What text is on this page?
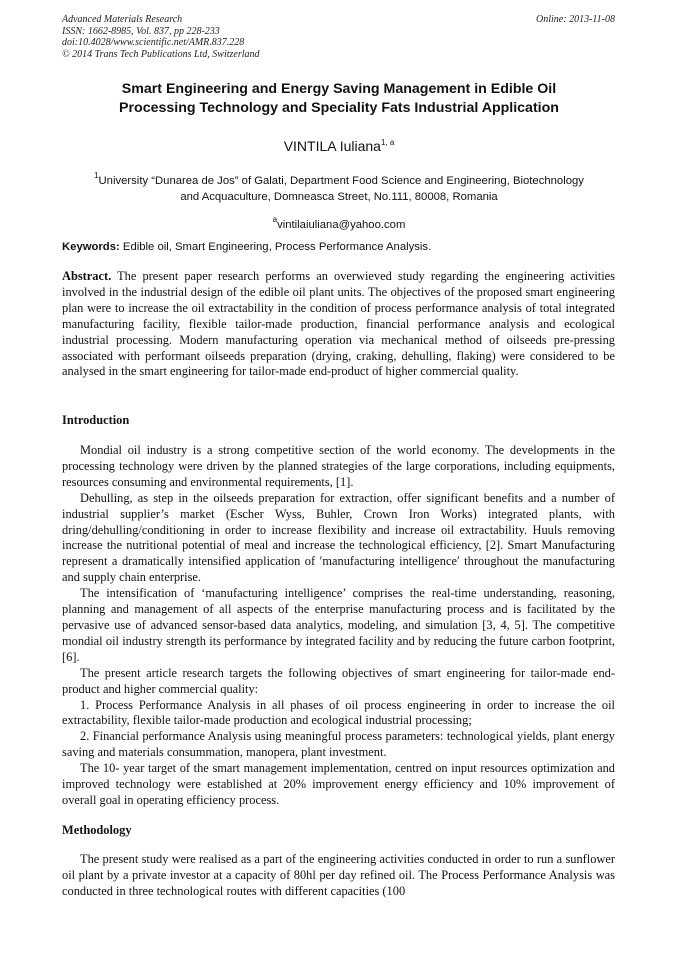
Advanced Materials Research
ISSN: 1662-8985, Vol. 837, pp 228-233
doi:10.4028/www.scientific.net/AMR.837.228
© 2014 Trans Tech Publications Ltd, Switzerland
Online: 2013-11-08
Smart Engineering and Energy Saving Management in Edible Oil
Processing Technology and Speciality Fats Industrial Application
VINTILA Iuliana$^{1, a}$
$^1$University “Dunarea de Jos” of Galati, Department Food Science and Engineering, Biotechnology
and Acquaculture, Domneasca Street, No.111, 80008, Romania
$^a$vintilaiuliana@yahoo.com
Keywords: Edible oil, Smart Engineering, Process Performance Analysis.

Abstract. The present paper research performs an overwieved study regarding the engineering activities involved in the industrial design of the edible oil plant units. The objectives of the proposed smart engineering plan were to increase the oil extractability in the condition of process performance analysis of total integrated manufacturing facility, flexible tailor-made production, financial performance analysis and ecological industrial processing. Modern manufacturing operation via mechanical method of oilseeds pre-pressing associated with performant oilseeds preparation (drying, craking, dehulling, flaking) were considered to be analysed in the smart engineering for tailor-made end-product of higher commercial quality.

Introduction

Mondial oil industry is a strong competitive section of the world economy. The developments in the processing technology were driven by the planned strategies of the large corporations, including equipments, resources consuming and environmental requirements, [1].

Dehulling, as step in the oilseeds preparation for extraction, offer significant benefits and a number of industrial supplier’s market (Escher Wyss, Buhler, Crown Iron Works) integrated plants, with dring/dehulling/conditioning in order to increase flexibility and increase oil extractability. Huuls removing increase the nutritional potential of meal and increase the technological efficiency, [2]. Smart Manufacturing represent a dramatically intensified application of ′manufacturing intelligence′ throughout the manufacturing and supply chain enterprise.

The intensification of ‘manufacturing intelligence’ comprises the real-time understanding, reasoning, planning and management of all aspects of the enterprise manufacturing process and is facilitated by the pervasive use of advanced sensor-based data analytics, modeling, and simulation [3, 4, 5]. The competitive mondial oil industry strength its performance by integrated facility and by reducing the future carbon footprint, [6].

The present article research targets the following objectives of smart engineering for tailor-made end-product and higher commercial quality:

1. Process Performance Analysis in all phases of oil process engineering in order to increase the oil extractability, flexible tailor-made production and ecological industrial processing;

2. Financial performance Analysis using meaningful process parameters: technological yields, plant energy saving and materials consummation, manopera, plant investment.

The 10- year target of the smart management implementation, centred on input resources optimization and improved technology were established at 20% improvement energy efficiency and 10% improvement of overall goal in operating efficiency process.

Methodology

The present study were realised as a part of the engineering activities conducted in order to run a sunflower oil plant by a private investor at a capacity of 80hl per day refined oil. The Process Performance Analysis was conducted in three technological routes with different capacities (100
